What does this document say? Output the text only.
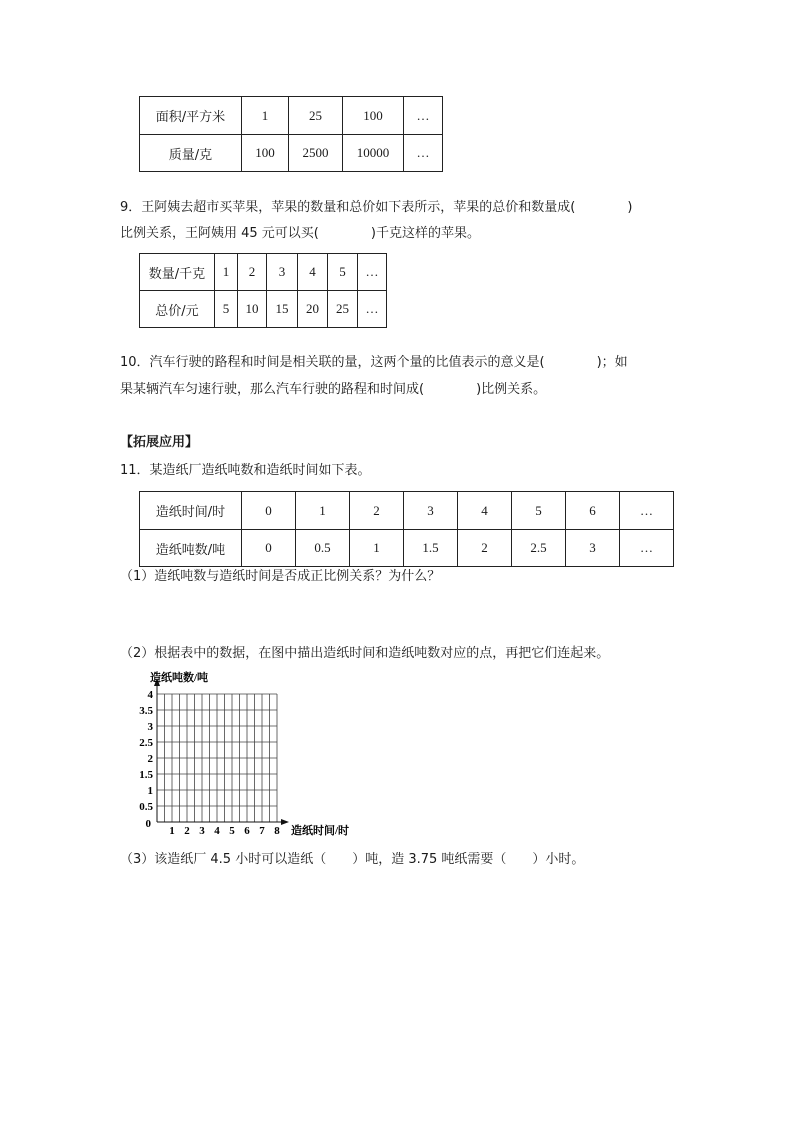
面积/平方米	1	25	100	…
质量/克	100	2500	10000	…
9．王阿姨去超市买苹果，苹果的数量和总价如下表所示，苹果的总价和数量成(　　　　)
比例关系，王阿姨用 45 元可以买(　　　　)千克这样的苹果。
数量/千克	1	2	3	4	5	…
总价/元	5	10	15	20	25	…
10．汽车行驶的路程和时间是相关联的量，这两个量的比值表示的意义是(　　　　)；如
果某辆汽车匀速行驶，那么汽车行驶的路程和时间成(　　　　)比例关系。
【拓展应用】
11．某造纸厂造纸吨数和造纸时间如下表。
造纸时间/时	0	1	2	3	4	5	6	…
造纸吨数/吨	0	0.5	1	1.5	2	2.5	3	…
（1）造纸吨数与造纸时间是否成正比例关系？为什么？
（2）根据表中的数据，在图中描出造纸时间和造纸吨数对应的点，再把它们连起来。
1 2 3 4 5 6 7 8
0.5
1
1.5
2
2.5
3
3.5
4
0
造纸吨数/吨
造纸时间/时
（3）该造纸厂 4.5 小时可以造纸（　　）吨，造 3.75 吨纸需要（　　）小时。
